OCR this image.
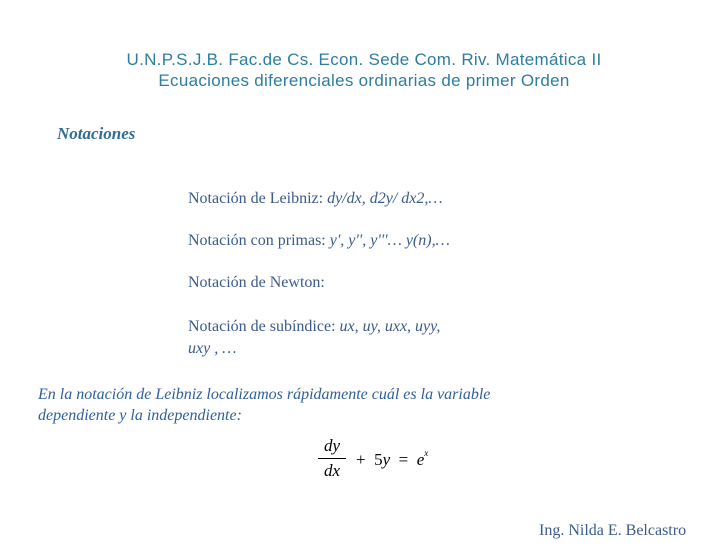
U.N.P.S.J.B. Fac.de Cs. Econ. Sede Com. Riv. Matemática II
Ecuaciones diferenciales ordinarias de primer Orden
Notaciones
Notación de Leibniz: dy/dx, d2y/ dx2,…
Notación con primas: y', y'', y'''… y(n),…
Notación de Newton:
Notación de subíndice: ux, uy, uxx, uyy,
uxy , …
En la notación de Leibniz localizamos rápidamente cuál es la variable
dependiente y la independiente:
dy
dx
+ $5y = e^x$
Ing. Nilda E. Belcastro
